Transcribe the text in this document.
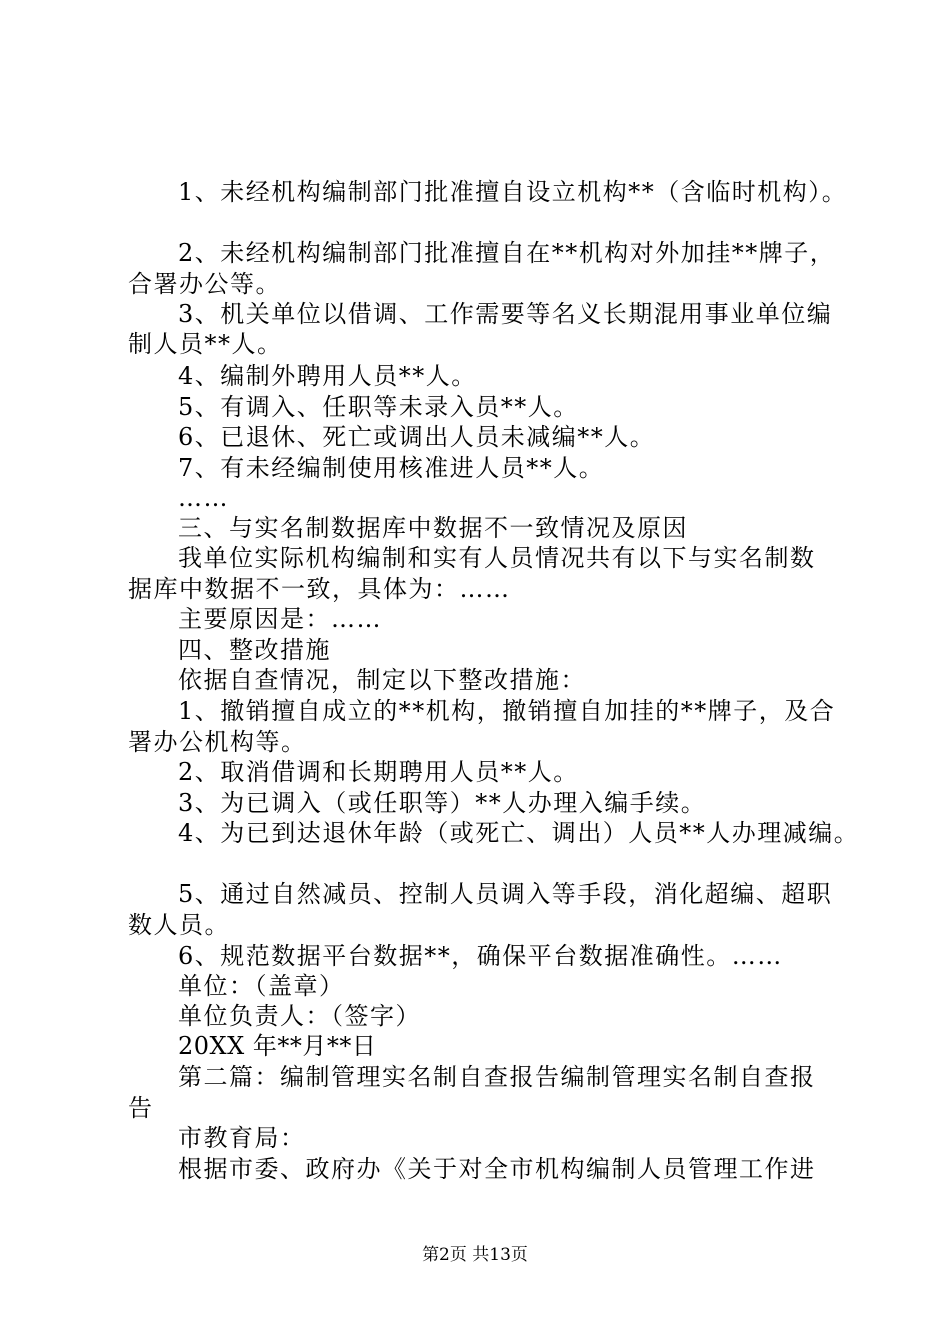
1、未经机构编制部门批准擅自设立机构**（含临时机构）。
2、未经机构编制部门批准擅自在**机构对外加挂**牌子，
合署办公等。
3、机关单位以借调、工作需要等名义长期混用事业单位编
制人员**人。
4、编制外聘用人员**人。
5、有调入、任职等未录入员**人。
6、已退休、死亡或调出人员未减编**人。
7、有未经编制使用核准进人员**人。
……
三、与实名制数据库中数据不一致情况及原因
我单位实际机构编制和实有人员情况共有以下与实名制数
据库中数据不一致，具体为：……
主要原因是：……
四、整改措施
依据自查情况，制定以下整改措施：
1、撤销擅自成立的**机构，撤销擅自加挂的**牌子，及合
署办公机构等。
2、取消借调和长期聘用人员**人。
3、为已调入（或任职等）**人办理入编手续。
4、为已到达退休年龄（或死亡、调出）人员**人办理减编。
5、通过自然减员、控制人员调入等手段，消化超编、超职
数人员。
6、规范数据平台数据**，确保平台数据准确性。……
单位：（盖章）
单位负责人：（签字）
20XX 年**月**日
第二篇：编制管理实名制自查报告编制管理实名制自查报
告
市教育局：
根据市委、政府办《关于对全市机构编制人员管理工作进
第2页 共13页
